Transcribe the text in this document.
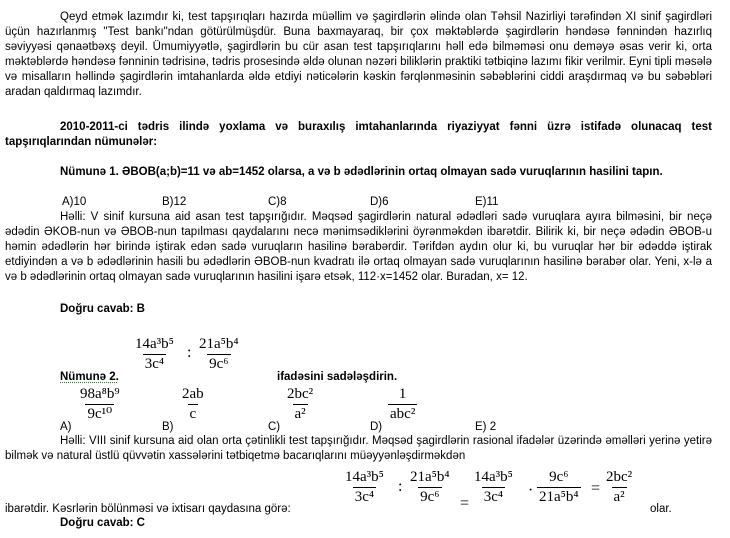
Qeyd etmək lazımdır ki, test tapşırıqları hazırda müəllim və şagirdlərin əlində olan Təhsil Nazirliyi tərəfindən XI sinif şagirdləri üçün hazırlanmış "Test bankı"ndan götürülmüşdür. Buna baxmayaraq, bir çox məktəblərdə şagirdlərin həndəsə fənnindən hazırlıq səviyyəsi qənaətbəxş deyil. Ümumiyyətlə, şagirdlərin bu cür asan test tapşırıqlarını həll edə bilməməsi onu deməyə əsas verir ki, orta məktəblərdə həndəsə fənninin tədrisinə, tədris prosesində əldə olunan nəzəri biliklərin praktiki tətbiqinə lazımı fikir verilmir. Eyni tipli məsələ və misalların həllində şagirdlərin imtahanlarda əldə etdiyi nəticələrin kəskin fərqlənməsinin səbəblərini ciddi araşdırmaq və bu səbəbləri aradan qaldırmaq lazımdır.

2010-2011-ci tədris ilində yoxlama və buraxılış imtahanlarında riyaziyyat fənni üzrə istifadə olunacaq test tapşırıqlarından nümunələr:

Nümunə 1. ƏBOB(a;b)=11 və ab=1452 olarsa, a və b ədədlərinin ortaq olmayan sadə vuruqlarının hasilini tapın.

A)10	B)12	C)8	D)6	E)11

Həlli: V sinif kursuna aid asan test tapşırığıdır. Məqsəd şagirdlərin natural ədədləri sadə vuruqlara ayıra bilməsini, bir neçə ədədin ƏKOB-nun və ƏBOB-nun tapılması qaydalarını necə mənimsədiklərini öyrənməkdən ibarətdir. Bilirik ki, bir neçə ədədin ƏBOB-u həmin ədədlərin hər birində iştirak edən sadə vuruqların hasilinə bərabərdir. Tərifdən aydın olur ki, bu vuruqlar hər bir ədəddə iştirak etdiyindən a və b ədədlərinin hasili bu ədədlərin ƏBOB-nun kvadratı ilə ortaq olmayan sadə vuruqlarının hasilinə bərabər olar. Yeni, x-lə a və b ədədlərinin ortaq olmayan sadə vuruqlarının hasilini işarə etsək, 112·x=1452 olar. Buradan, x= 12.

Doğru cavab: B

$\frac{\text{14a³b⁵}}{\text{3c⁴}}$ : $\frac{\text{21a⁵b⁴}}{\text{9c⁶}}$
Nümunə 2.	ifadəsini sadələşdirin.
$\frac{\text{98a⁸b⁹}}{\text{9c¹⁰}}$	$\frac{2ab}{c}$	$\frac{\text{2bc²}}{\text{a²}}$	1
abc²
A)	B)	C)	D)	E) 2

Həlli: VIII sinif kursuna aid olan orta çətinlikli test tapşırığıdır. Məqsəd şagirdlərin rasional ifadələr üzərində əməlləri yerinə yetirə bilmək və natural üstlü qüvvətin xassələrini tətbiqetmə bacarıqlarını müəyyənləşdirməkdən

ibarətdir. Kəsrlərin bölünməsi və ixtisarı qaydasına görə:
$\frac{\text{14a³b⁵}}{\text{3c⁴}}$ : $\frac{\text{21a⁵b⁴}}{\text{9c⁶}} = \frac{\text{14a³b⁵}}{\text{3c⁴}} \cdot \frac{\text{9c⁶}}{\text{21a⁵b⁴}} = \frac{\text{2bc²}}{\text{a²}}$
olar.

Doğru cavab: C
